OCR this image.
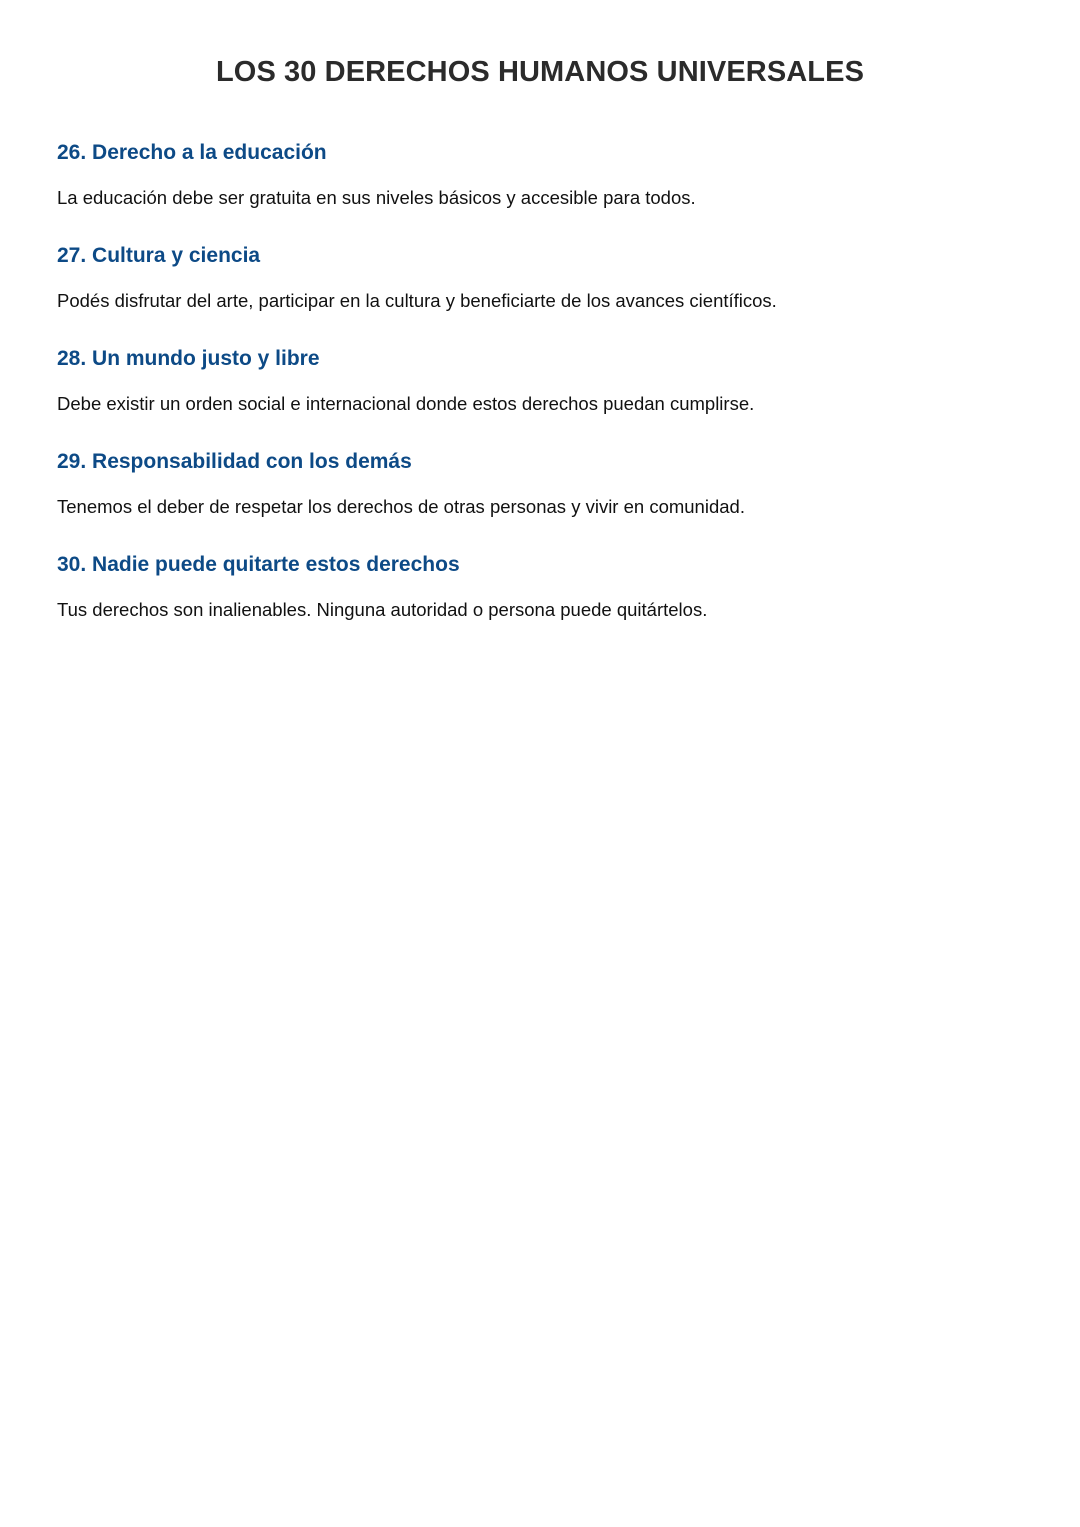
LOS 30 DERECHOS HUMANOS UNIVERSALES
26. Derecho a la educación

La educación debe ser gratuita en sus niveles básicos y accesible para todos.

27. Cultura y ciencia

Podés disfrutar del arte, participar en la cultura y beneficiarte de los avances científicos.

28. Un mundo justo y libre

Debe existir un orden social e internacional donde estos derechos puedan cumplirse.

29. Responsabilidad con los demás

Tenemos el deber de respetar los derechos de otras personas y vivir en comunidad.

30. Nadie puede quitarte estos derechos

Tus derechos son inalienables. Ninguna autoridad o persona puede quitártelos.
